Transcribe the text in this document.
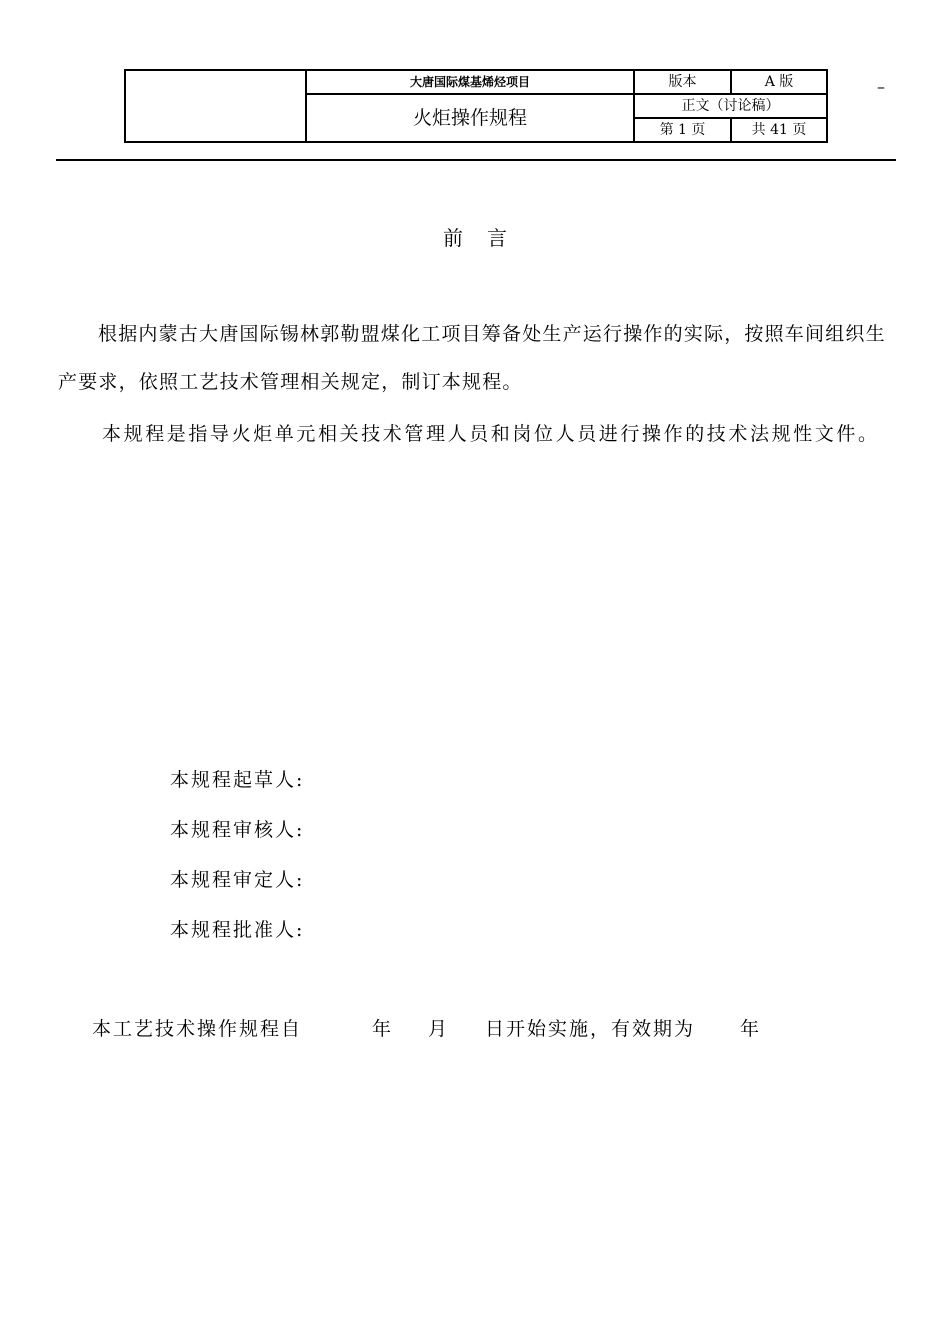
	大唐国际煤基烯烃项目	版本	A 版
	火炬操作规程	正文（讨论稿）	
		第 1 页	共 41 页
–
前言

根据内蒙古大唐国际锡林郭勒盟煤化工项目筹备处生产运行操作的实际，按照车间组织生产要求，依照工艺技术管理相关规定，制订本规程。

本规程是指导火炬单元相关技术管理人员和岗位人员进行操作的技术法规性文件。

本规程起草人:
本规程审核人:
本规程审定人:
本规程批准人:
本工艺技术操作规程自	年 月 日开始实施，有效期为 年
